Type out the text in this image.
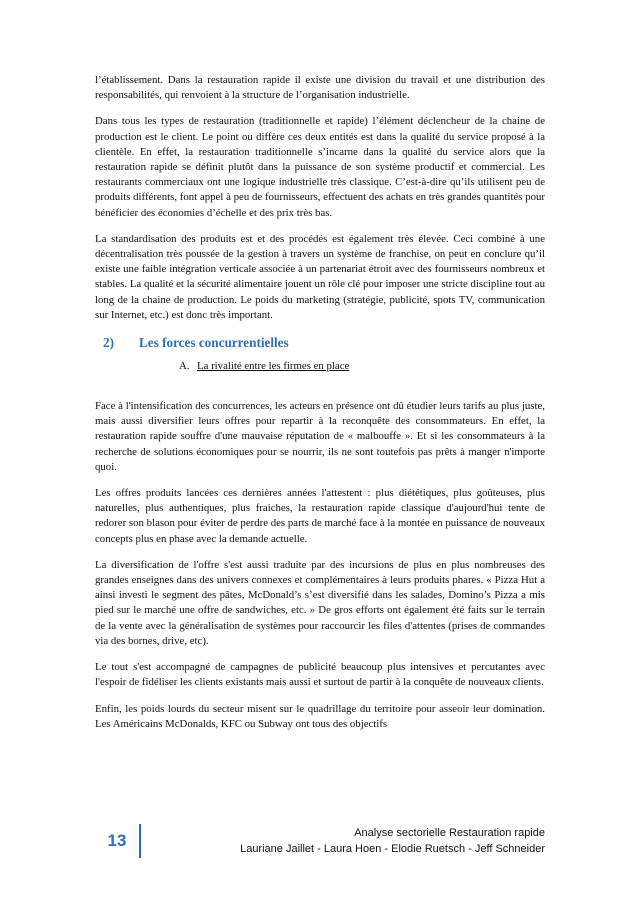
l’établissement. Dans la restauration rapide il existe une division du travail et une distribution des responsabilités, qui renvoient à la structure de l’organisation industrielle.

Dans tous les types de restauration (traditionnelle et rapide) l’élément déclencheur de la chaine de production est le client. Le point ou diffère ces deux entités est dans la qualité du service proposé à la clientèle. En effet, la restauration traditionnelle s’incarne dans la qualité du service alors que la restauration rapide se définit plutôt dans la puissance de son système productif et commercial. Les restaurants commerciaux ont une logique industrielle très classique. C’est-à-dire qu’ils utilisent peu de produits différents, font appel à peu de fournisseurs, effectuent des achats en très grandes quantités pour bénéficier des économies d’échelle et des prix très bas.

La standardisation des produits est et des procédés est également très élevée. Ceci combiné à une décentralisation très poussée de la gestion à travers un système de franchise, on peut en conclure qu’il existe une faible intégration verticale associée à un partenariat étroit avec des fournisseurs nombreux et stables. La qualité et la sécurité alimentaire jouent un rôle clé pour imposer une stricte discipline tout au long de la chaine de production. Le poids du marketing (stratégie, publicité, spots TV, communication sur Internet, etc.) est donc très important.

2) Les forces concurrentielles
A. La rivalité entre les firmes en place

Face à l'intensification des concurrences, les acteurs en présence ont dû étudier leurs tarifs au plus juste, mais aussi diversifier leurs offres pour repartir à la reconquête des consommateurs. En effet, la restauration rapide souffre d'une mauvaise réputation de « malbouffe ». Et si les consommateurs à la recherche de solutions économiques pour se nourrir, ils ne sont toutefois pas prêts à manger n'importe quoi.

Les offres produits lancées ces dernières années l'attestent : plus diététiques, plus goûteuses, plus naturelles, plus authentiques, plus fraiches, la restauration rapide classique d'aujourd'hui tente de redorer son blason pour éviter de perdre des parts de marché face à la montée en puissance de nouveaux concepts plus en phase avec la demande actuelle.

La diversification de l'offre s'est aussi traduite par des incursions de plus en plus nombreuses des grandes enseignes dans des univers connexes et complémentaires à leurs produits phares. « Pizza Hut a ainsi investi le segment des pâtes, McDonald’s s’est diversifié dans les salades, Domino’s Pizza a mis pied sur le marché une offre de sandwiches, etc. » De gros efforts ont également été faits sur le terrain de la vente avec la généralisation de systèmes pour raccourcir les files d'attentes (prises de commandes via des bornes, drive, etc).

Le tout s'est accompagné de campagnes de publicité beaucoup plus intensives et percutantes avec l'espoir de fidéliser les clients existants mais aussi et surtout de partir à la conquête de nouveaux clients.

Enfin, les poids lourds du secteur misent sur le quadrillage du territoire pour asseoir leur domination. Les Américains McDonalds, KFC ou Subway ont tous des objectifs

13	Analyse sectorielle Restauration rapide
Lauriane Jaillet - Laura Hoen - Elodie Ruetsch - Jeff Schneider
